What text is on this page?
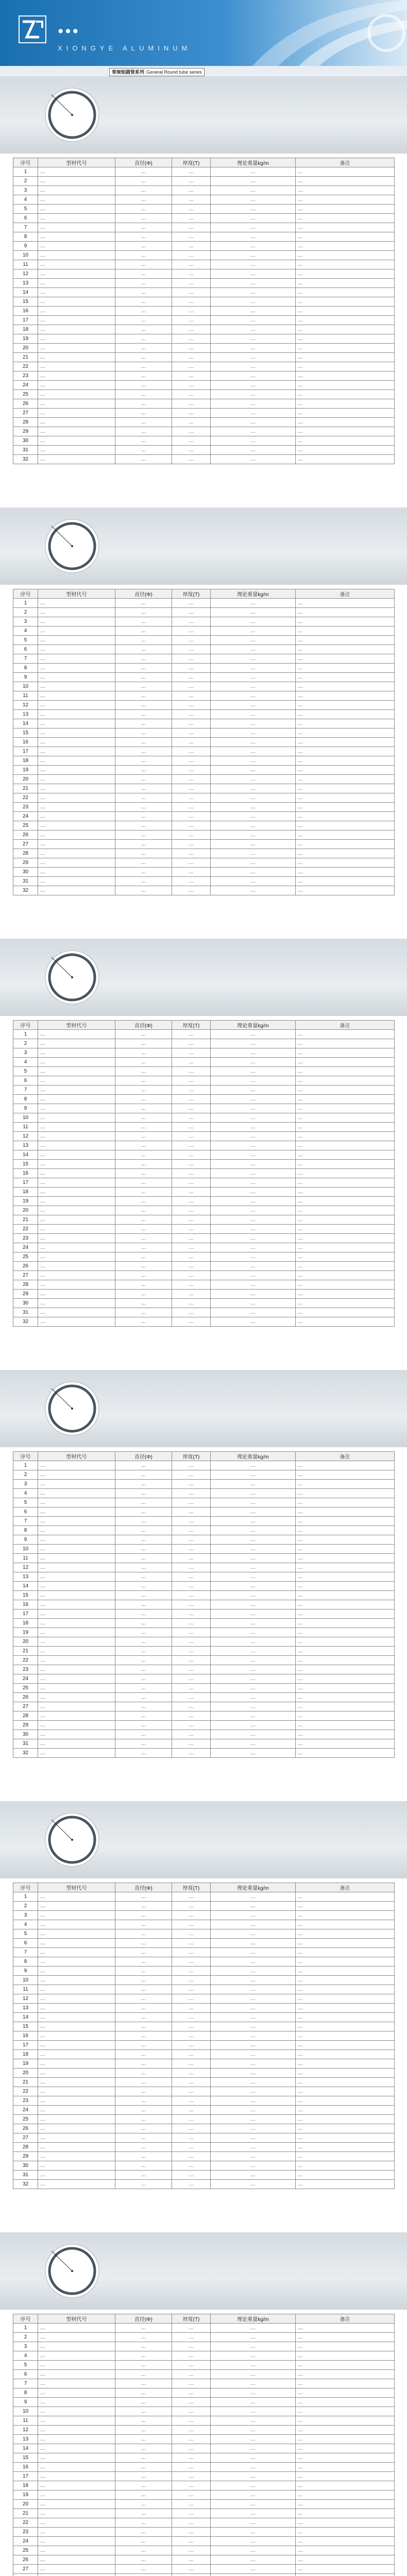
…
XIONGYE ALUMINUM
常规铝圆管系列 General Round tube series
序号	型材代号	直径(Φ)	厚度(T)	理论重量kg/m	备注
1	…	…	…	…	…
2	…	…	…	…	…
3	…	…	…	…	…
4	…	…	…	…	…
5	…	…	…	…	…
6	…	…	…	…	…
7	…	…	…	…	…
8	…	…	…	…	…
9	…	…	…	…	…
10	…	…	…	…	…
11	…	…	…	…	…
12	…	…	…	…	…
13	…	…	…	…	…
14	…	…	…	…	…
15	…	…	…	…	…
16	…	…	…	…	…
17	…	…	…	…	…
18	…	…	…	…	…
19	…	…	…	…	…
20	…	…	…	…	…
21	…	…	…	…	…
22	…	…	…	…	…
23	…	…	…	…	…
24	…	…	…	…	…
25	…	…	…	…	…
26	…	…	…	…	…
27	…	…	…	…	…
28	…	…	…	…	…
29	…	…	…	…	…
30	…	…	…	…	…
31	…	…	…	…	…
32	…	…	…	…	…
序号	型材代号	直径(Φ)	厚度(T)	理论重量kg/m	备注
1	…	…	…	…	…
2	…	…	…	…	…
3	…	…	…	…	…
4	…	…	…	…	…
5	…	…	…	…	…
6	…	…	…	…	…
7	…	…	…	…	…
8	…	…	…	…	…
9	…	…	…	…	…
10	…	…	…	…	…
11	…	…	…	…	…
12	…	…	…	…	…
13	…	…	…	…	…
14	…	…	…	…	…
15	…	…	…	…	…
16	…	…	…	…	…
17	…	…	…	…	…
18	…	…	…	…	…
19	…	…	…	…	…
20	…	…	…	…	…
21	…	…	…	…	…
22	…	…	…	…	…
23	…	…	…	…	…
24	…	…	…	…	…
25	…	…	…	…	…
26	…	…	…	…	…
27	…	…	…	…	…
28	…	…	…	…	…
29	…	…	…	…	…
30	…	…	…	…	…
31	…	…	…	…	…
32	…	…	…	…	…
序号	型材代号	直径(Φ)	厚度(T)	理论重量kg/m	备注
1	…	…	…	…	…
2	…	…	…	…	…
3	…	…	…	…	…
4	…	…	…	…	…
5	…	…	…	…	…
6	…	…	…	…	…
7	…	…	…	…	…
8	…	…	…	…	…
9	…	…	…	…	…
10	…	…	…	…	…
11	…	…	…	…	…
12	…	…	…	…	…
13	…	…	…	…	…
14	…	…	…	…	…
15	…	…	…	…	…
16	…	…	…	…	…
17	…	…	…	…	…
18	…	…	…	…	…
19	…	…	…	…	…
20	…	…	…	…	…
21	…	…	…	…	…
22	…	…	…	…	…
23	…	…	…	…	…
24	…	…	…	…	…
25	…	…	…	…	…
26	…	…	…	…	…
27	…	…	…	…	…
28	…	…	…	…	…
29	…	…	…	…	…
30	…	…	…	…	…
31	…	…	…	…	…
32	…	…	…	…	…
序号	型材代号	直径(Φ)	厚度(T)	理论重量kg/m	备注
1	…	…	…	…	…
2	…	…	…	…	…
3	…	…	…	…	…
4	…	…	…	…	…
5	…	…	…	…	…
6	…	…	…	…	…
7	…	…	…	…	…
8	…	…	…	…	…
9	…	…	…	…	…
10	…	…	…	…	…
11	…	…	…	…	…
12	…	…	…	…	…
13	…	…	…	…	…
14	…	…	…	…	…
15	…	…	…	…	…
16	…	…	…	…	…
17	…	…	…	…	…
18	…	…	…	…	…
19	…	…	…	…	…
20	…	…	…	…	…
21	…	…	…	…	…
22	…	…	…	…	…
23	…	…	…	…	…
24	…	…	…	…	…
25	…	…	…	…	…
26	…	…	…	…	…
27	…	…	…	…	…
28	…	…	…	…	…
29	…	…	…	…	…
30	…	…	…	…	…
31	…	…	…	…	…
32	…	…	…	…	…
序号	型材代号	直径(Φ)	厚度(T)	理论重量kg/m	备注
1	…	…	…	…	…
2	…	…	…	…	…
3	…	…	…	…	…
4	…	…	…	…	…
5	…	…	…	…	…
6	…	…	…	…	…
7	…	…	…	…	…
8	…	…	…	…	…
9	…	…	…	…	…
10	…	…	…	…	…
11	…	…	…	…	…
12	…	…	…	…	…
13	…	…	…	…	…
14	…	…	…	…	…
15	…	…	…	…	…
16	…	…	…	…	…
17	…	…	…	…	…
18	…	…	…	…	…
19	…	…	…	…	…
20	…	…	…	…	…
21	…	…	…	…	…
22	…	…	…	…	…
23	…	…	…	…	…
24	…	…	…	…	…
25	…	…	…	…	…
26	…	…	…	…	…
27	…	…	…	…	…
28	…	…	…	…	…
29	…	…	…	…	…
30	…	…	…	…	…
31	…	…	…	…	…
32	…	…	…	…	…
序号	型材代号	直径(Φ)	厚度(T)	理论重量kg/m	备注
1	…	…	…	…	…
2	…	…	…	…	…
3	…	…	…	…	…
4	…	…	…	…	…
5	…	…	…	…	…
6	…	…	…	…	…
7	…	…	…	…	…
8	…	…	…	…	…
9	…	…	…	…	…
10	…	…	…	…	…
11	…	…	…	…	…
12	…	…	…	…	…
13	…	…	…	…	…
14	…	…	…	…	…
15	…	…	…	…	…
16	…	…	…	…	…
17	…	…	…	…	…
18	…	…	…	…	…
19	…	…	…	…	…
20	…	…	…	…	…
21	…	…	…	…	…
22	…	…	…	…	…
23	…	…	…	…	…
24	…	…	…	…	…
25	…	…	…	…	…
26	…	…	…	…	…
27	…	…	…	…	…
